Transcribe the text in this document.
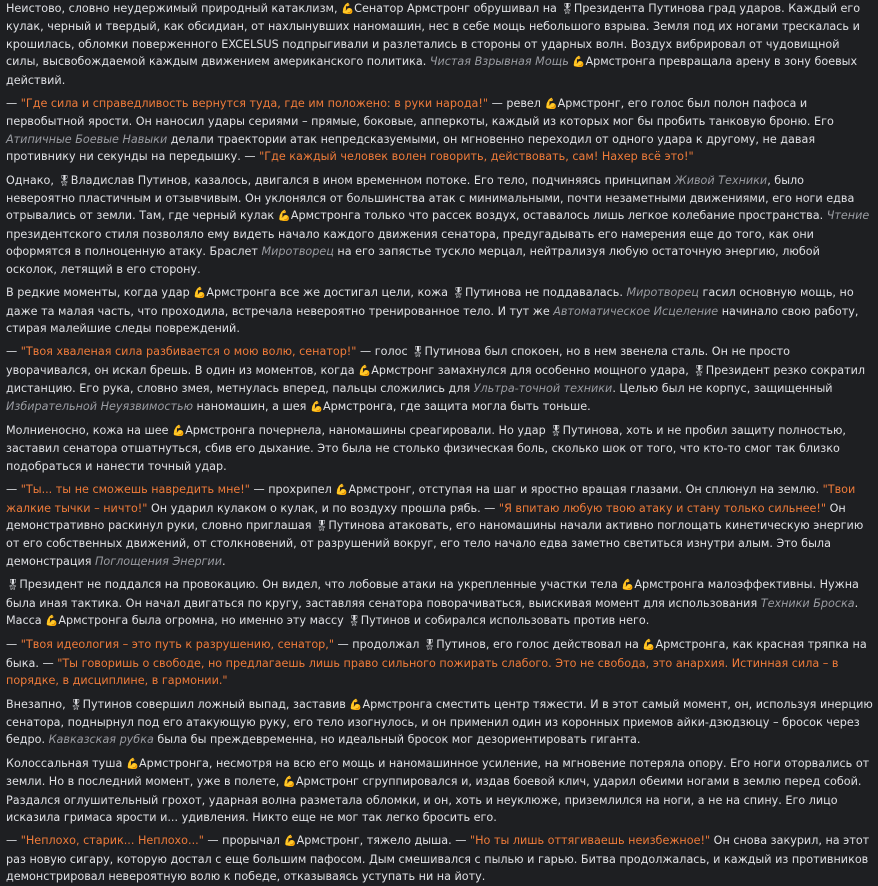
Неистово, словно неудержимый природный катаклизм, 💪Сенатор Армстронг обрушивал на 🎖Президента Путинова град ударов. Каждый его кулак, черный и твердый, как обсидиан, от нахлынувших наномашин, нес в себе мощь небольшого взрыва. Земля под их ногами трескалась и крошилась, обломки поверженного EXCELSUS подпрыгивали и разлетались в стороны от ударных волн. Воздух вибрировал от чудовищной силы, высвобождаемой каждым движением американского политика. Чистая Взрывная Мощь 💪Армстронга превращала арену в зону боевых действий.

— "Где сила и справедливость вернутся туда, где им положено: в руки народа!" — ревел 💪Армстронг, его голос был полон пафоса и первобытной ярости. Он наносил удары сериями – прямые, боковые, апперкоты, каждый из которых мог бы пробить танковую броню. Его Атипичные Боевые Навыки делали траектории атак непредсказуемыми, он мгновенно переходил от одного удара к другому, не давая противнику ни секунды на передышку. — "Где каждый человек волен говорить, действовать, сам! Нахер всё это!"

Однако, 🎖Владислав Путинов, казалось, двигался в ином временном потоке. Его тело, подчиняясь принципам Живой Техники, было невероятно пластичным и отзывчивым. Он уклонялся от большинства атак с минимальными, почти незаметными движениями, его ноги едва отрывались от земли. Там, где черный кулак 💪Армстронга только что рассек воздух, оставалось лишь легкое колебание пространства. Чтение президентского стиля позволяло ему видеть начало каждого движения сенатора, предугадывать его намерения еще до того, как они оформятся в полноценную атаку. Браслет Миротворец на его запястье тускло мерцал, нейтрализуя любую остаточную энергию, любой осколок, летящий в его сторону.

В редкие моменты, когда удар 💪Армстронга все же достигал цели, кожа 🎖Путинова не поддавалась. Миротворец гасил основную мощь, но даже та малая часть, что проходила, встречала невероятно тренированное тело. И тут же Автоматическое Исцеление начинало свою работу, стирая малейшие следы повреждений.

— "Твоя хваленая сила разбивается о мою волю, сенатор!" — голос 🎖Путинова был спокоен, но в нем звенела сталь. Он не просто уворачивался, он искал брешь. В один из моментов, когда 💪Армстронг замахнулся для особенно мощного удара, 🎖Президент резко сократил дистанцию. Его рука, словно змея, метнулась вперед, пальцы сложились для Ультра-точной техники. Целью был не корпус, защищенный Избирательной Неуязвимостью наномашин, а шея 💪Армстронга, где защита могла быть тоньше.

Молниеносно, кожа на шее 💪Армстронга почернела, наномашины среагировали. Но удар 🎖Путинова, хоть и не пробил защиту полностью, заставил сенатора отшатнуться, сбив его дыхание. Это была не столько физическая боль, сколько шок от того, что кто-то смог так близко подобраться и нанести точный удар.

— "Ты... ты не сможешь навредить мне!" — прохрипел 💪Армстронг, отступая на шаг и яростно вращая глазами. Он сплюнул на землю. "Твои жалкие тычки – ничто!" Он ударил кулаком о кулак, и по воздуху прошла рябь. — "Я впитаю любую твою атаку и стану только сильнее!" Он демонстративно раскинул руки, словно приглашая 🎖Путинова атаковать, его наномашины начали активно поглощать кинетическую энергию от его собственных движений, от столкновений, от разрушений вокруг, его тело начало едва заметно светиться изнутри алым. Это была демонстрация Поглощения Энергии.

🎖Президент не поддался на провокацию. Он видел, что лобовые атаки на укрепленные участки тела 💪Армстронга малоэффективны. Нужна была иная тактика. Он начал двигаться по кругу, заставляя сенатора поворачиваться, выискивая момент для использования Техники Броска. Масса 💪Армстронга была огромна, но именно эту массу 🎖Путинов и собирался использовать против него.

— "Твоя идеология – это путь к разрушению, сенатор," — продолжал 🎖Путинов, его голос действовал на 💪Армстронга, как красная тряпка на быка. — "Ты говоришь о свободе, но предлагаешь лишь право сильного пожирать слабого. Это не свобода, это анархия. Истинная сила – в порядке, в дисциплине, в гармонии."

Внезапно, 🎖Путинов совершил ложный выпад, заставив 💪Армстронга сместить центр тяжести. И в этот самый момент, он, используя инерцию сенатора, поднырнул под его атакующую руку, его тело изогнулось, и он применил один из коронных приемов айки-дзюдзюцу – бросок через бедро. Кавказская рубка была бы преждевременна, но идеальный бросок мог дезориентировать гиганта.

Колоссальная туша 💪Армстронга, несмотря на всю его мощь и наномашинное усиление, на мгновение потеряла опору. Его ноги оторвались от земли. Но в последний момент, уже в полете, 💪Армстронг сгруппировался и, издав боевой клич, ударил обеими ногами в землю перед собой. Раздался оглушительный грохот, ударная волна разметала обломки, и он, хоть и неуклюже, приземлился на ноги, а не на спину. Его лицо исказила гримаса ярости и... удивления. Никто еще не мог так легко бросить его.

— "Неплохо, старик... Неплохо..." — прорычал 💪Армстронг, тяжело дыша. — "Но ты лишь оттягиваешь неизбежное!" Он снова закурил, на этот раз новую сигару, которую достал с еще большим пафосом. Дым смешивался с пылью и гарью. Битва продолжалась, и каждый из противников демонстрировал невероятную волю к победе, отказываясь уступать ни на йоту.
